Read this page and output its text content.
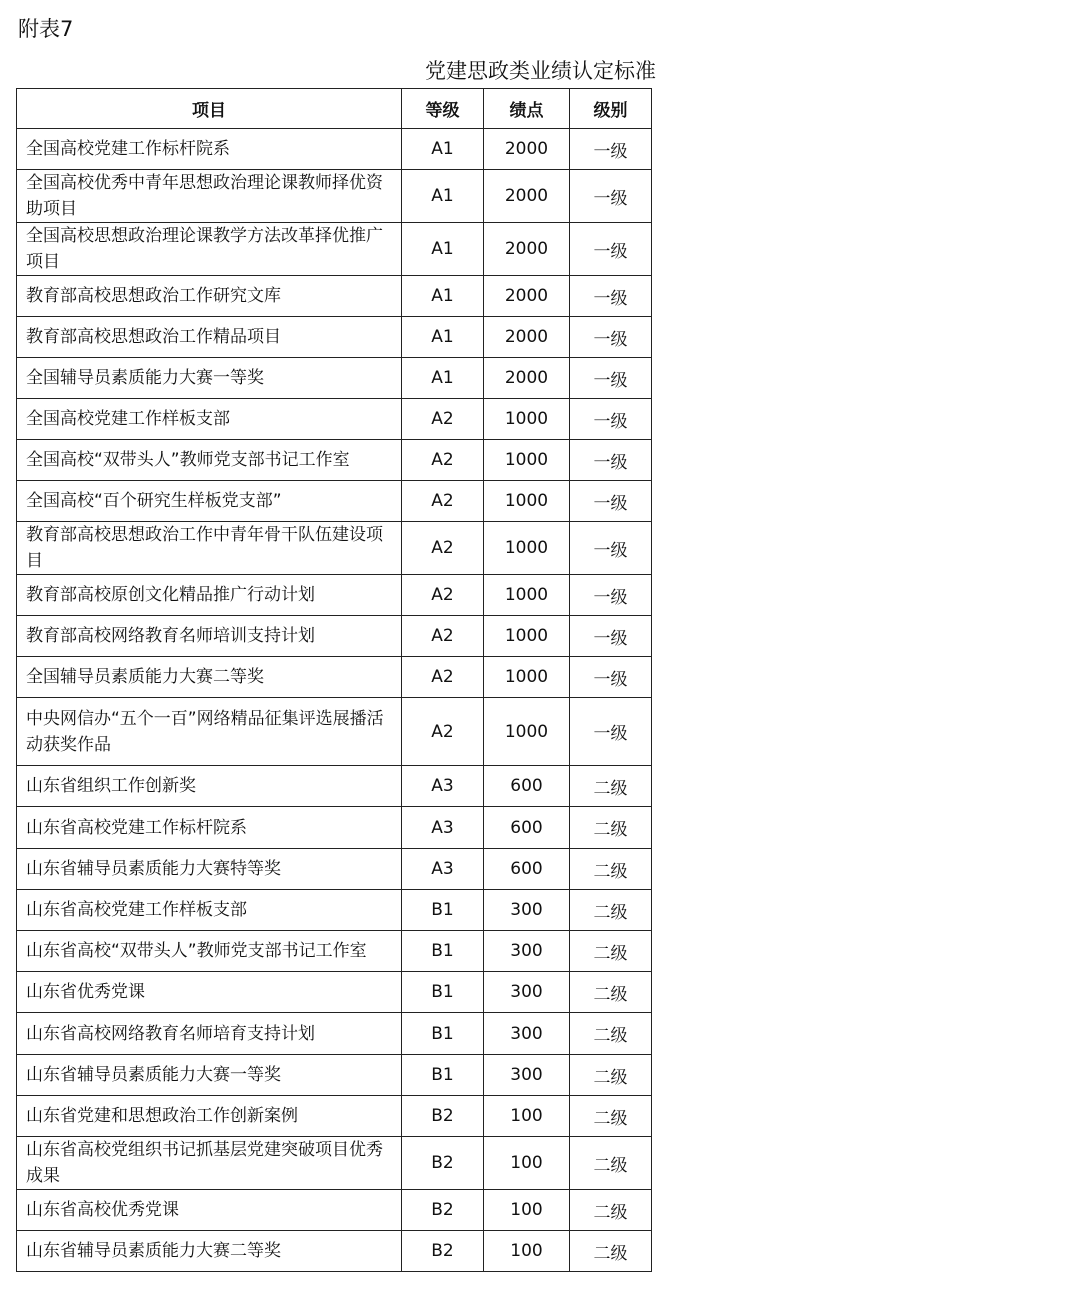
附表7
党建思政类业绩认定标准
项目	等级	绩点	级别
全国高校党建工作标杆院系	A1	2000	一级
全国高校优秀中青年思想政治理论课教师择优资助项目	A1	2000	一级
全国高校思想政治理论课教学方法改革择优推广项目	A1	2000	一级
教育部高校思想政治工作研究文库	A1	2000	一级
教育部高校思想政治工作精品项目	A1	2000	一级
全国辅导员素质能力大赛一等奖	A1	2000	一级
全国高校党建工作样板支部	A2	1000	一级
全国高校“双带头人”教师党支部书记工作室	A2	1000	一级
全国高校“百个研究生样板党支部”	A2	1000	一级
教育部高校思想政治工作中青年骨干队伍建设项目	A2	1000	一级
教育部高校原创文化精品推广行动计划	A2	1000	一级
教育部高校网络教育名师培训支持计划	A2	1000	一级
全国辅导员素质能力大赛二等奖	A2	1000	一级
中央网信办“五个一百”网络精品征集评选展播活动获奖作品	A2	1000	一级
山东省组织工作创新奖	A3	600	二级
山东省高校党建工作标杆院系	A3	600	二级
山东省辅导员素质能力大赛特等奖	A3	600	二级
山东省高校党建工作样板支部	B1	300	二级
山东省高校“双带头人”教师党支部书记工作室	B1	300	二级
山东省优秀党课	B1	300	二级
山东省高校网络教育名师培育支持计划	B1	300	二级
山东省辅导员素质能力大赛一等奖	B1	300	二级
山东省党建和思想政治工作创新案例	B2	100	二级
山东省高校党组织书记抓基层党建突破项目优秀成果	B2	100	二级
山东省高校优秀党课	B2	100	二级
山东省辅导员素质能力大赛二等奖	B2	100	二级
